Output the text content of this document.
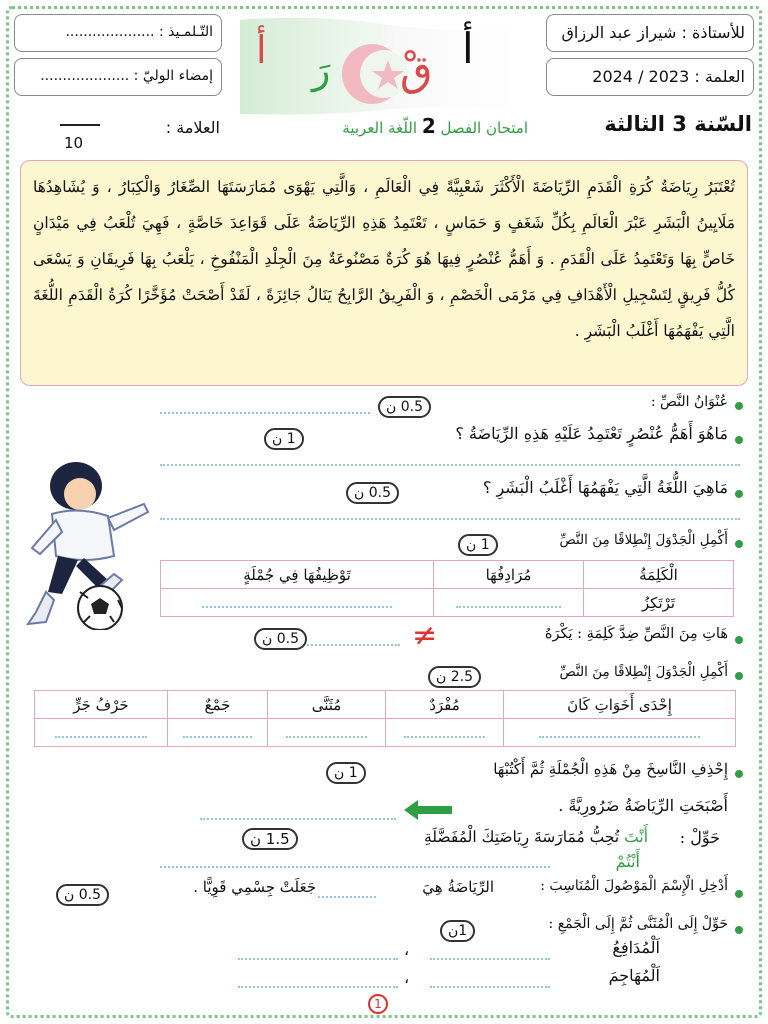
للأستاذة : شيراز عبد الرزاق
العلمة : 2023 / 2024
السّنة 3 الثالثة
التّـلمـيذ : ....................
إمضاء الوليّ : ....................
العلامة :
10
أ رَ قْ أ
امتحان الفصل 2 اللّغة العربية
تُعْتَبَرُ رِيَاضَةُ كُرَةِ الْقَدَمِ الرِّيَاضَةَ الْأَكْثَرَ شَعْبِيَّةً فِي الْعَالَمِ ، وَالَّتِي يَهْوَى مُمَارَسَتَهَا الصِّغَارُ وَالْكِبَارُ ، وَ يُشَاهِدُهَا مَلَايِينُ الْبَشَرِ عَبْرَ الْعَالَمِ بِكُلِّ شَغَفٍ وَ حَمَاسٍ ، تَعْتَمِدُ هَذِهِ الرِّيَاضَةُ عَلَى قَوَاعِدَ خَاصَّةٍ ، فَهِيَ تُلْعَبُ فِي مَيْدَانٍ خَاصٍّ بِهَا وَتَعْتَمِدُ عَلَى الْقَدَمِ . وَ أَهَمُّ عُنْصُرٍ فِيهَا هُوَ كُرَةٌ مَصْنُوعَةٌ مِنَ الْجِلْدِ الْمَنْفُوخِ ، يَلْعَبُ بِهَا فَرِيقَانِ وَ يَسْعَى كُلُّ فَرِيقٍ لِتَسْجِيلِ الْأَهْدَافِ فِي مَرْمَى الْخَصْمِ ، وَ الْفَرِيقُ الرَّابِحُ يَنَالُ جَائِزَةً ، لَقَدْ أَصْحَتْ مُؤَخَّرًا كُرَةُ الْقَدَمِ اللُّغَةَ الَّتِي يَفْهَمُهَا أَغْلَبُ الْبَشَرِ .
عُنْوَانُ النَّصِّ :
0.5 ن
مَاهُوَ أَهَمُّ عُنْصُرٍ تَعْتَمِدُ عَلَيْهِ هَذِهِ الرِّيَاضَةُ ؟
1 ن
مَاهِيَ اللُّغَةُ الَّتِي يَفْهَمُهَا أَغْلَبُ الْبَشَرِ ؟
0.5 ن
أَكْمِلِ الْجَدْوَلَ إِنْطِلاقًا مِنَ النَّصِّ
1 ن
الْكَلِمَةُ	مُرَادِفُهَا	تَوْظِيفُهَا فِي جُمْلَةٍ
تَرْتَكِزُ		
هَاتِ مِنَ النَّصِّ ضِدَّ كَلِمَةِ : يَكْرَهُ
≠
0.5 ن
أَكْمِلِ الْجَدْوَلَ إِنْطِلاقًا مِنَ النَّصِّ
2.5 ن
إِحْدَى أَخَوَاتِ كَانَ	مُفْرَدٌ	مُثَنَّى	جَمْعٌ	حَرْفُ جَرٍّ

إِحْذِفِ النَّاسِخَ مِنْ هَذِهِ الْجُمْلَةِ ثُمَّ أَكْتُبْهَا
1 ن
أَصْبَحَتِ الرِّيَاضَةُ ضَرُورِيَّةً .
حَوِّلْ :
أَنْتَ تُحِبُّ مُمَارَسَةَ رِيَاضَتِكَ الْمُفَضَّلَةِ
1.5 ن
أَنْتُمْ
أَدْخِلِ الْإِسْمَ الْمَوْصُولَ الْمُنَاسِبَ :
الرِّيَاضَةُ هِيَ
جَعَلَتْ جِسْمِي قَوِيًّا .
0.5 ن
حَوِّلْ إِلَى الْمُثَنَّى ثُمَّ إِلَى الْجَمْعِ :
1ن
اَلْمُدَافِعُ
،
اَلْمُهَاجِمَ
،
1
